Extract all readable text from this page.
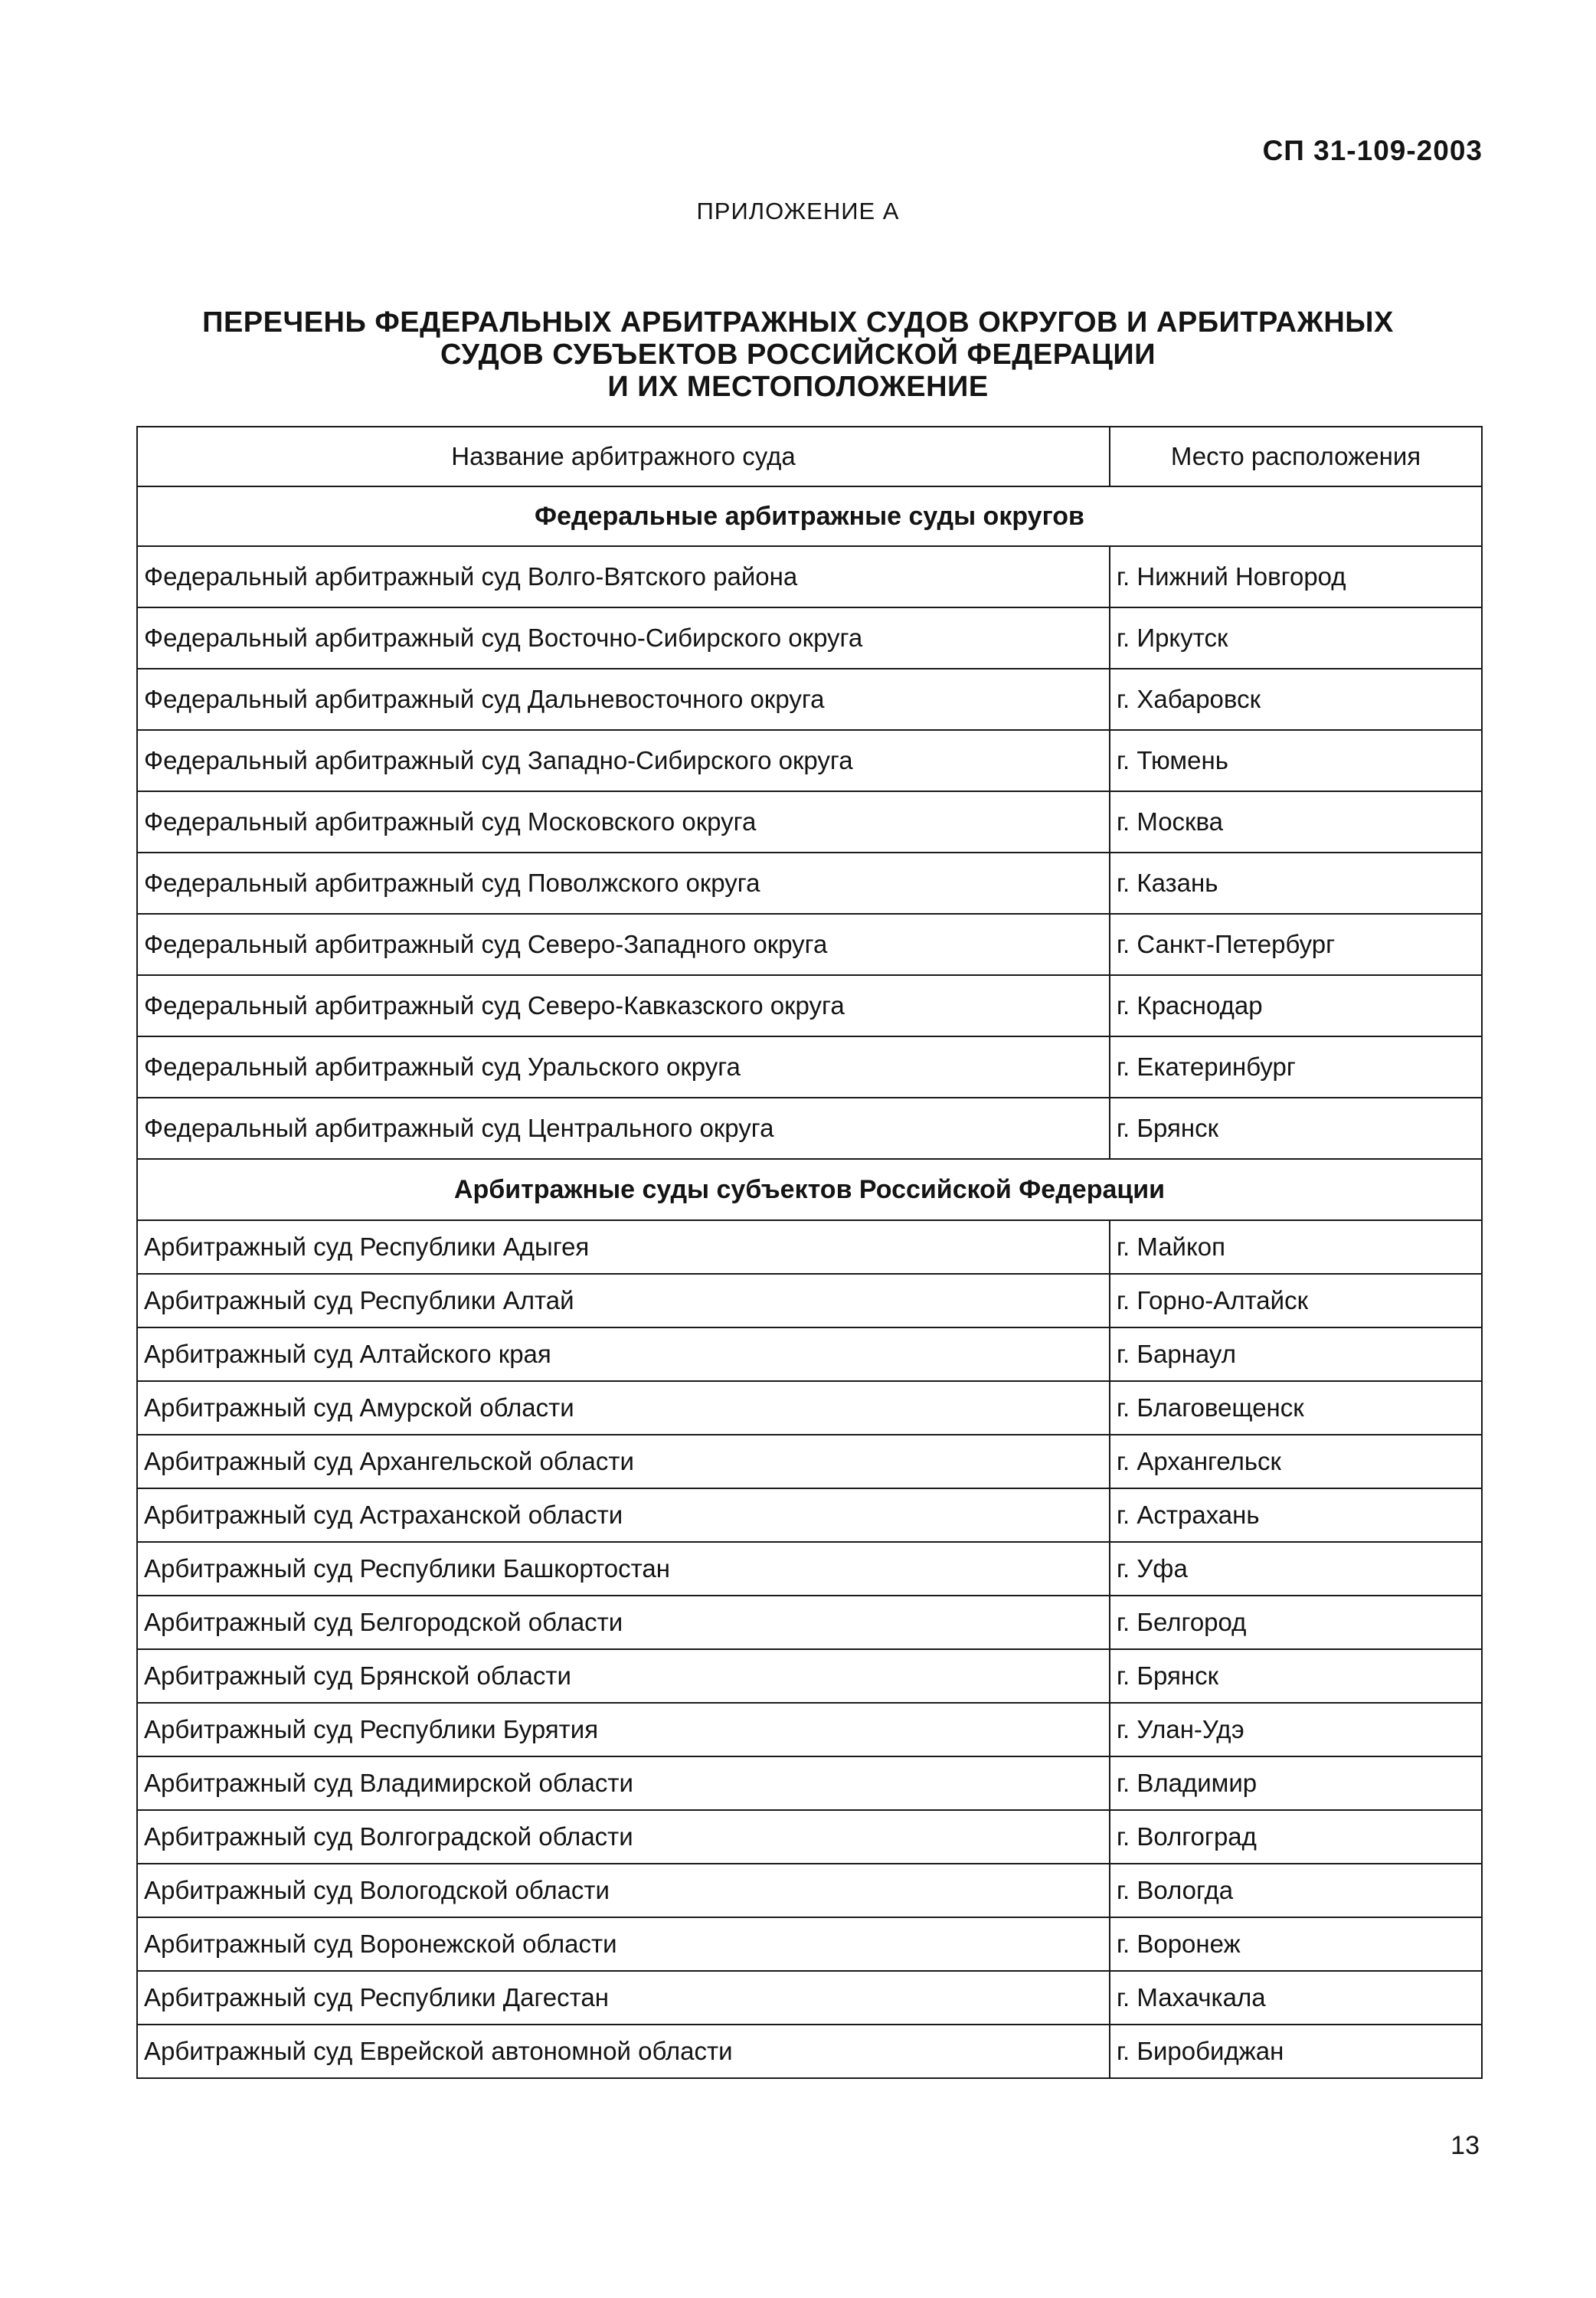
СП 31-109-2003
ПРИЛОЖЕНИЕ А
ПЕРЕЧЕНЬ ФЕДЕРАЛЬНЫХ АРБИТРАЖНЫХ СУДОВ ОКРУГОВ И АРБИТРАЖНЫХ
СУДОВ СУБЪЕКТОВ РОССИЙСКОЙ ФЕДЕРАЦИИ
И ИХ МЕСТОПОЛОЖЕНИЕ
Название арбитражного суда	Место расположения
Федеральные арбитражные суды округов	
Федеральный арбитражный суд Волго-Вятского района	г. Нижний Новгород
Федеральный арбитражный суд Восточно-Сибирского округа	г. Иркутск
Федеральный арбитражный суд Дальневосточного округа	г. Хабаровск
Федеральный арбитражный суд Западно-Сибирского округа	г. Тюмень
Федеральный арбитражный суд Московского округа	г. Москва
Федеральный арбитражный суд Поволжского округа	г. Казань
Федеральный арбитражный суд Северо-Западного округа	г. Санкт-Петербург
Федеральный арбитражный суд Северо-Кавказского округа	г. Краснодар
Федеральный арбитражный суд Уральского округа	г. Екатеринбург
Федеральный арбитражный суд Центрального округа	г. Брянск
Арбитражные суды субъектов Российской Федерации	
Арбитражный суд Республики Адыгея	г. Майкоп
Арбитражный суд Республики Алтай	г. Горно-Алтайск
Арбитражный суд Алтайского края	г. Барнаул
Арбитражный суд Амурской области	г. Благовещенск
Арбитражный суд Архангельской области	г. Архангельск
Арбитражный суд Астраханской области	г. Астрахань
Арбитражный суд Республики Башкортостан	г. Уфа
Арбитражный суд Белгородской области	г. Белгород
Арбитражный суд Брянской области	г. Брянск
Арбитражный суд Республики Бурятия	г. Улан-Удэ
Арбитражный суд Владимирской области	г. Владимир
Арбитражный суд Волгоградской области	г. Волгоград
Арбитражный суд Вологодской области	г. Вологда
Арбитражный суд Воронежской области	г. Воронеж
Арбитражный суд Республики Дагестан	г. Махачкала
Арбитражный суд Еврейской автономной области	г. Биробиджан
13
